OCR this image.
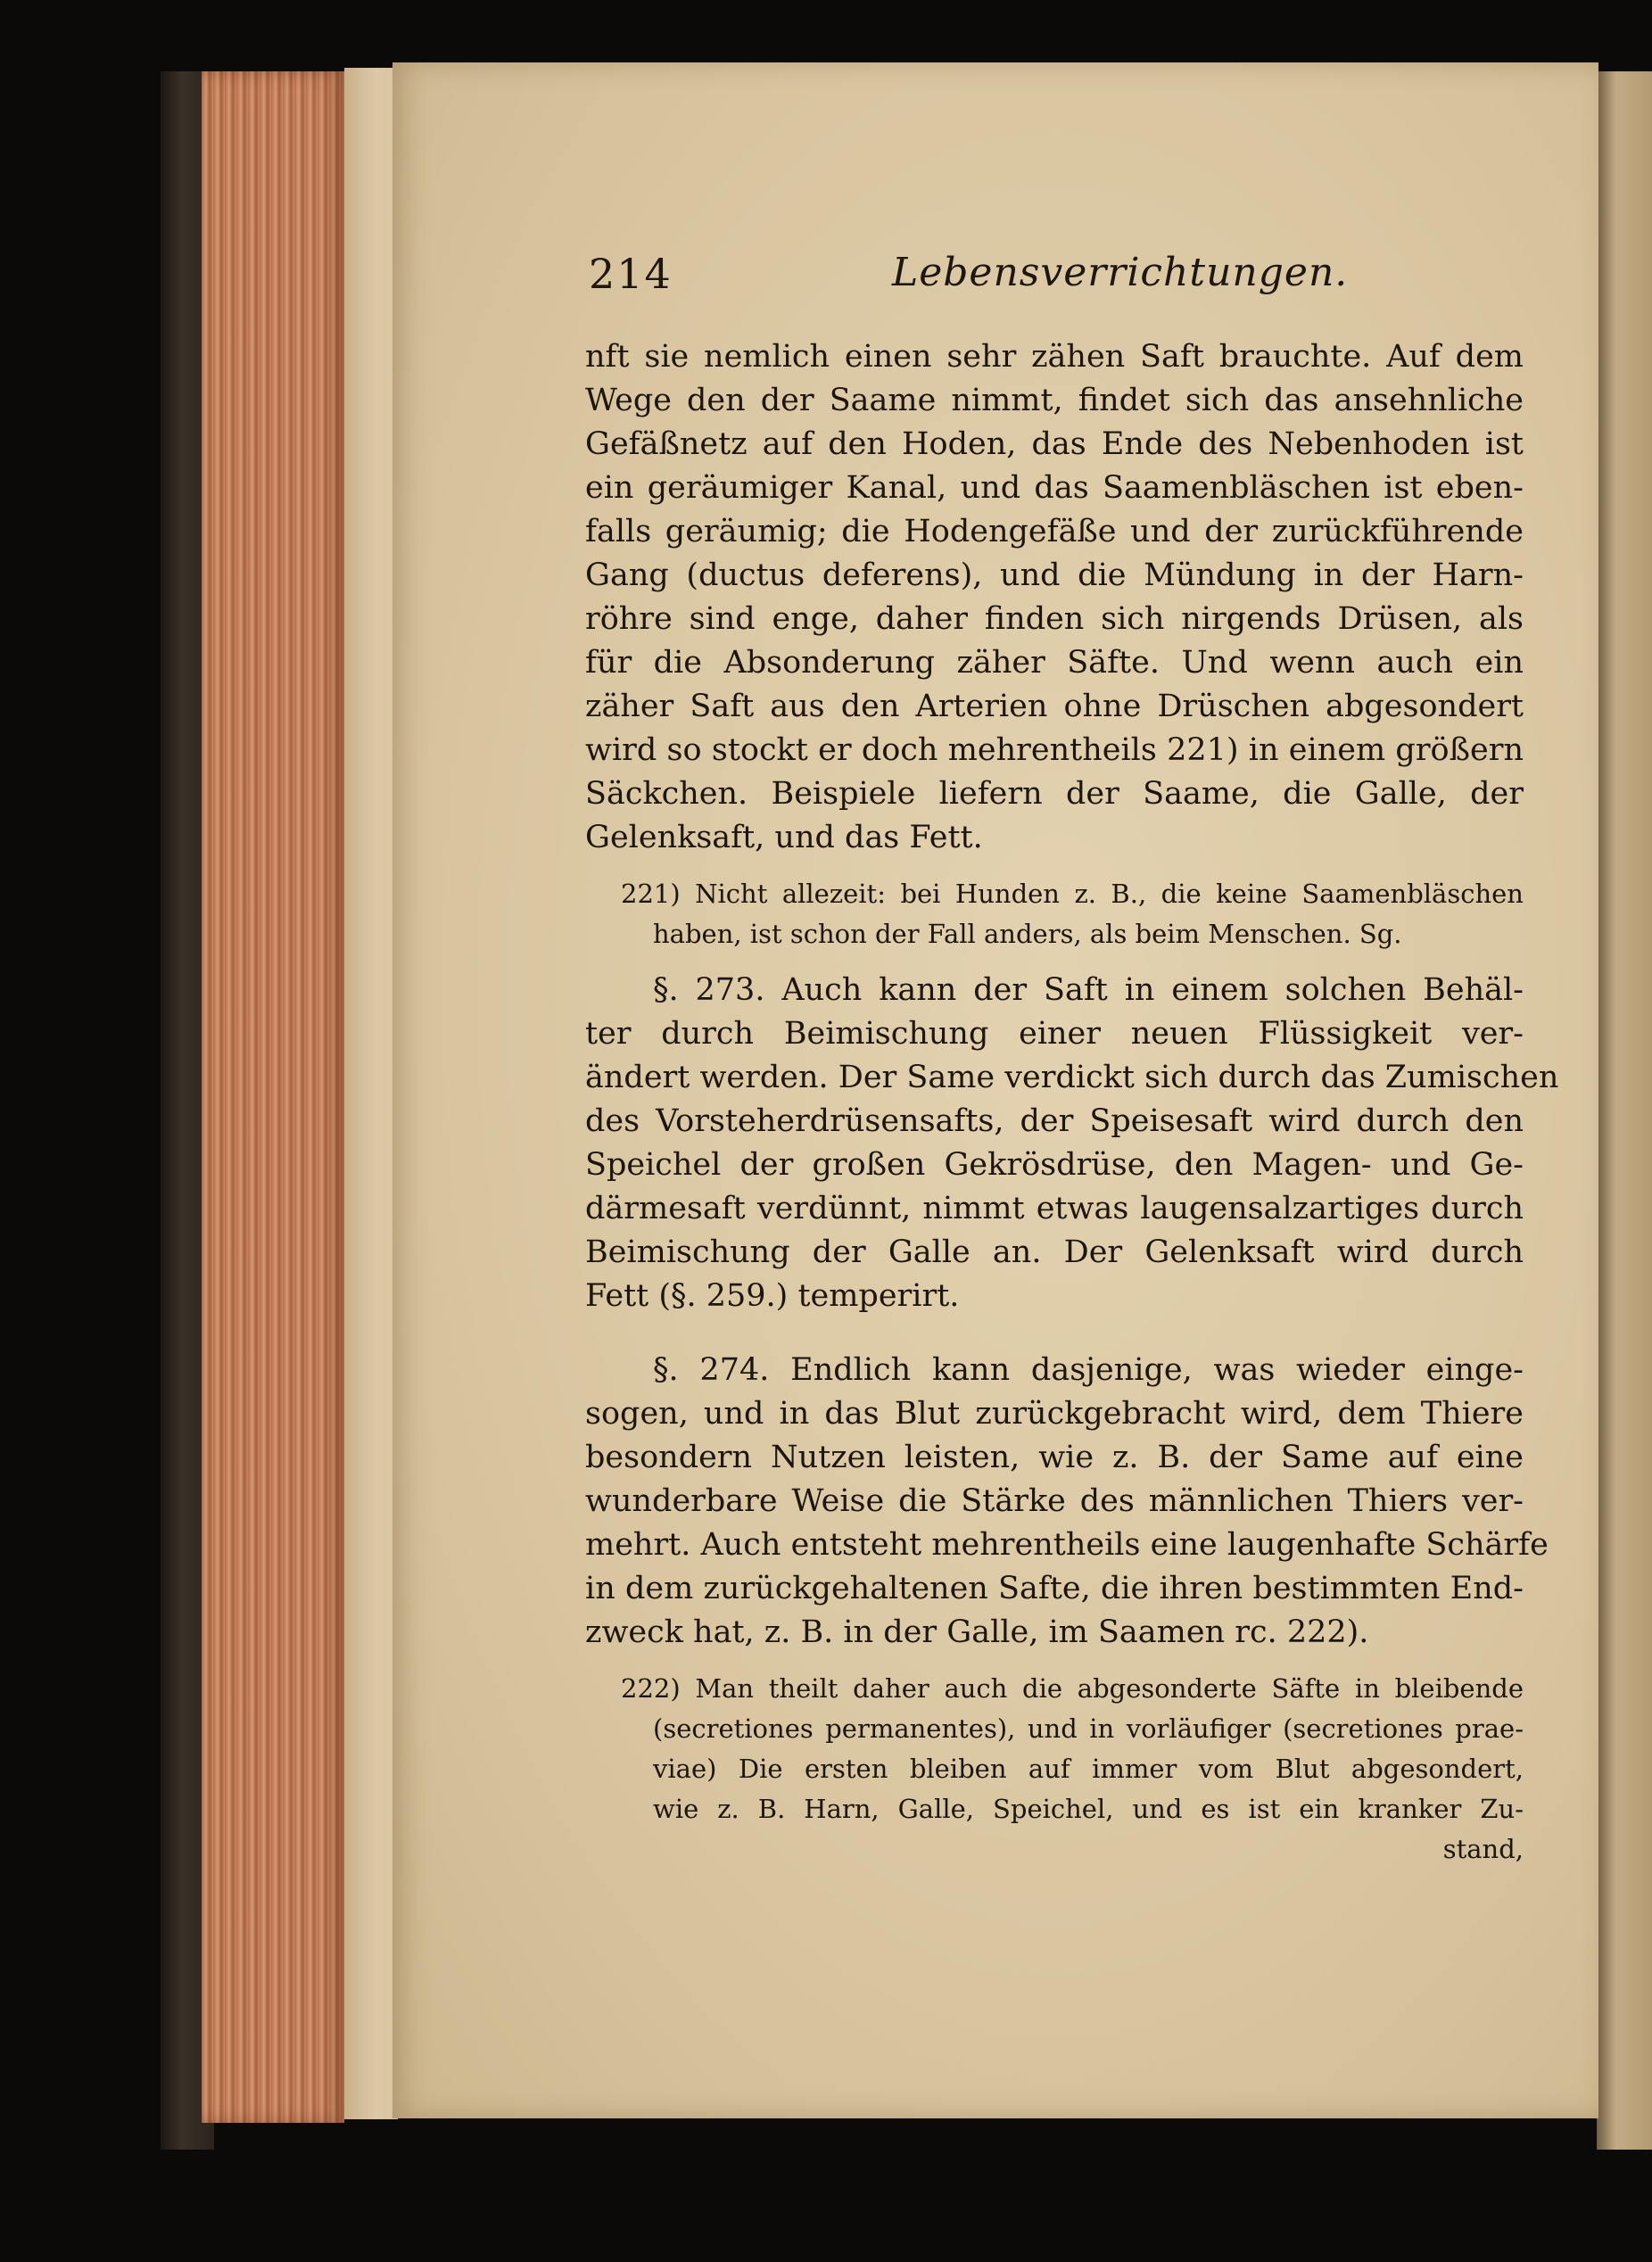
214	Lebensverrichtungen.
nft sie nemlich einen sehr zähen Saft brauchte. Auf dem
Wege den der Saame nimmt, findet sich das ansehnliche
Gefäßnetz auf den Hoden, das Ende des Nebenhoden ist
ein geräumiger Kanal, und das Saamenbläschen ist eben-
falls geräumig; die Hodengefäße und der zurückführende
Gang (ductus deferens), und die Mündung in der Harn-
röhre sind enge, daher finden sich nirgends Drüsen, als
für die Absonderung zäher Säfte. Und wenn auch ein
zäher Saft aus den Arterien ohne Drüschen abgesondert
wird so stockt er doch mehrentheils 221) in einem größern
Säckchen. Beispiele liefern der Saame, die Galle, der
Gelenksaft, und das Fett.
221) Nicht allezeit: bei Hunden z. B., die keine Saamenbläschen
haben, ist schon der Fall anders, als beim Menschen. Sg.
§. 273. Auch kann der Saft in einem solchen Behäl-
ter durch Beimischung einer neuen Flüssigkeit ver-
ändert werden. Der Same verdickt sich durch das Zumischen
des Vorsteherdrüsensafts, der Speisesaft wird durch den
Speichel der großen Gekrösdrüse, den Magen- und Ge-
därmesaft verdünnt, nimmt etwas laugensalzartiges durch
Beimischung der Galle an. Der Gelenksaft wird durch
Fett (§. 259.) temperirt.
§. 274. Endlich kann dasjenige, was wieder einge-
sogen, und in das Blut zurückgebracht wird, dem Thiere
besondern Nutzen leisten, wie z. B. der Same auf eine
wunderbare Weise die Stärke des männlichen Thiers ver-
mehrt. Auch entsteht mehrentheils eine laugenhafte Schärfe
in dem zurückgehaltenen Safte, die ihren bestimmten End-
zweck hat, z. B. in der Galle, im Saamen rc. 222).
222) Man theilt daher auch die abgesonderte Säfte in bleibende
(secretiones permanentes), und in vorläufiger (secretiones prae-
viae) Die ersten bleiben auf immer vom Blut abgesondert,
wie z. B. Harn, Galle, Speichel, und es ist ein kranker Zu-
stand,
